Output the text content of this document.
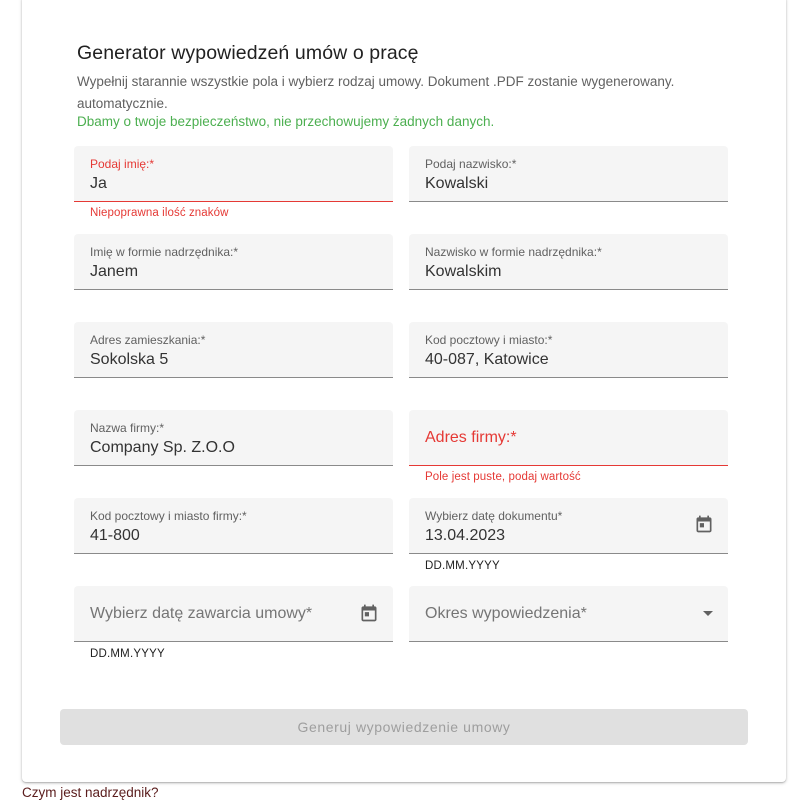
Generator wypowiedzeń umów o pracę
Wypełnij starannie wszystkie pola i wybierz rodzaj umowy. Dokument .PDF zostanie wygenerowany. automatycznie.
Dbamy o twoje bezpieczeństwo, nie przechowujemy żadnych danych.
Podaj imię:*
Ja
Niepoprawna ilość znaków
Podaj nazwisko:*
Kowalski
Imię w formie nadrzędnika:*
Janem
Nazwisko w formie nadrzędnika:*
Kowalskim
Adres zamieszkania:*
Sokolska 5
Kod pocztowy i miasto:*
40-087, Katowice
Nazwa firmy:*
Company Sp. Z.O.O
Adres firmy:*
Pole jest puste, podaj wartość
Kod pocztowy i miasto firmy:*
41-800
Wybierz datę dokumentu*
13.04.2023
DD.MM.YYYY
Wybierz datę zawarcia umowy*
DD.MM.YYYY
Okres wypowiedzenia*
Generuj wypowiedzenie umowy
Czym jest nadrzędnik?
